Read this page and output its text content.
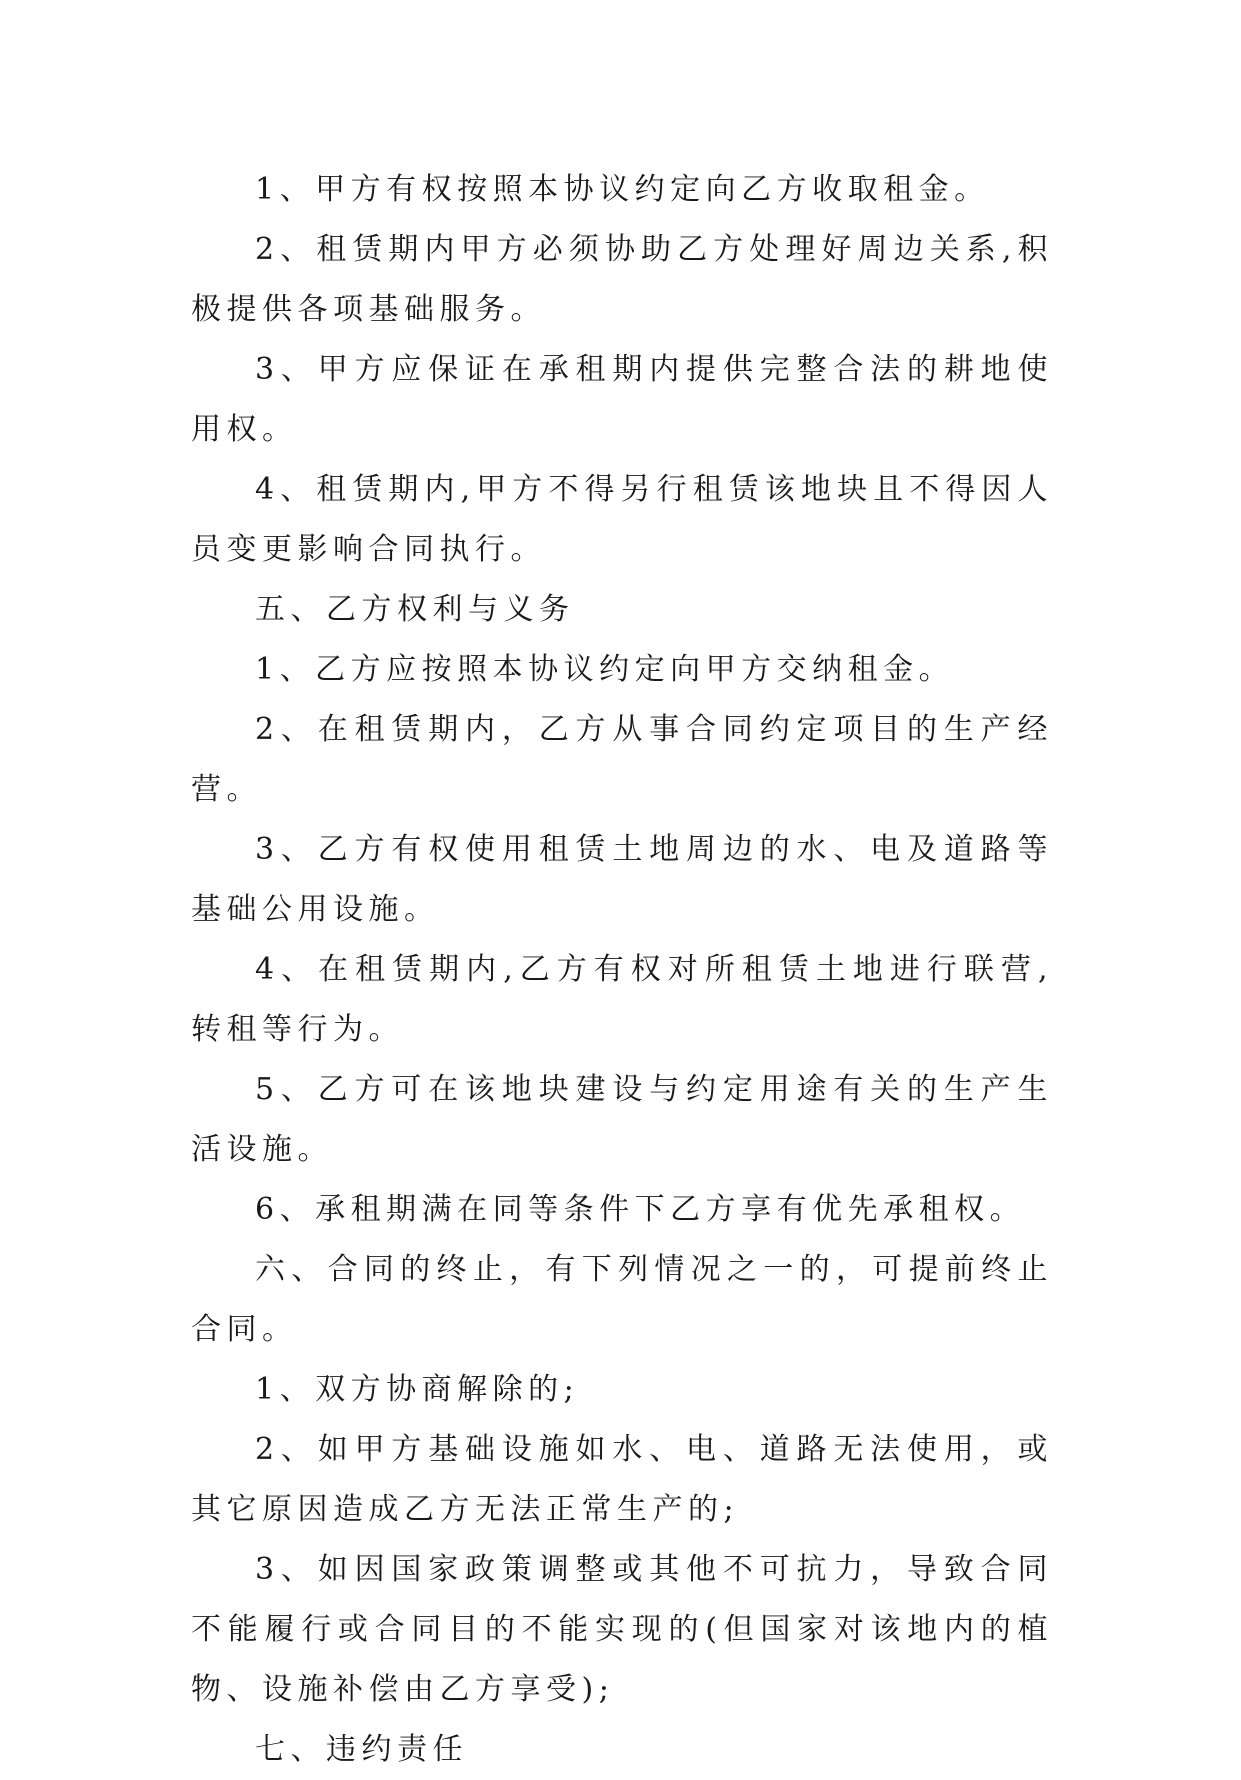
1、甲方有权按照本协议约定向乙方收取租金。

2、租赁期内甲方必须协助乙方处理好周边关系,积极提供各项基础服务。

3、甲方应保证在承租期内提供完整合法的耕地使用权。

4、租赁期内,甲方不得另行租赁该地块且不得因人员变更影响合同执行。

五、乙方权利与义务

1、乙方应按照本协议约定向甲方交纳租金。

2、在租赁期内，乙方从事合同约定项目的生产经营。

3、乙方有权使用租赁土地周边的水、电及道路等基础公用设施。

4、在租赁期内,乙方有权对所租赁土地进行联营,转租等行为。

5、乙方可在该地块建设与约定用途有关的生产生活设施。

6、承租期满在同等条件下乙方享有优先承租权。

六、合同的终止，有下列情况之一的，可提前终止合同。

1、双方协商解除的;

2、如甲方基础设施如水、电、道路无法使用，或其它原因造成乙方无法正常生产的;

3、如因国家政策调整或其他不可抗力，导致合同不能履行或合同目的不能实现的(但国家对该地内的植物、设施补偿由乙方享受);

七、违约责任
